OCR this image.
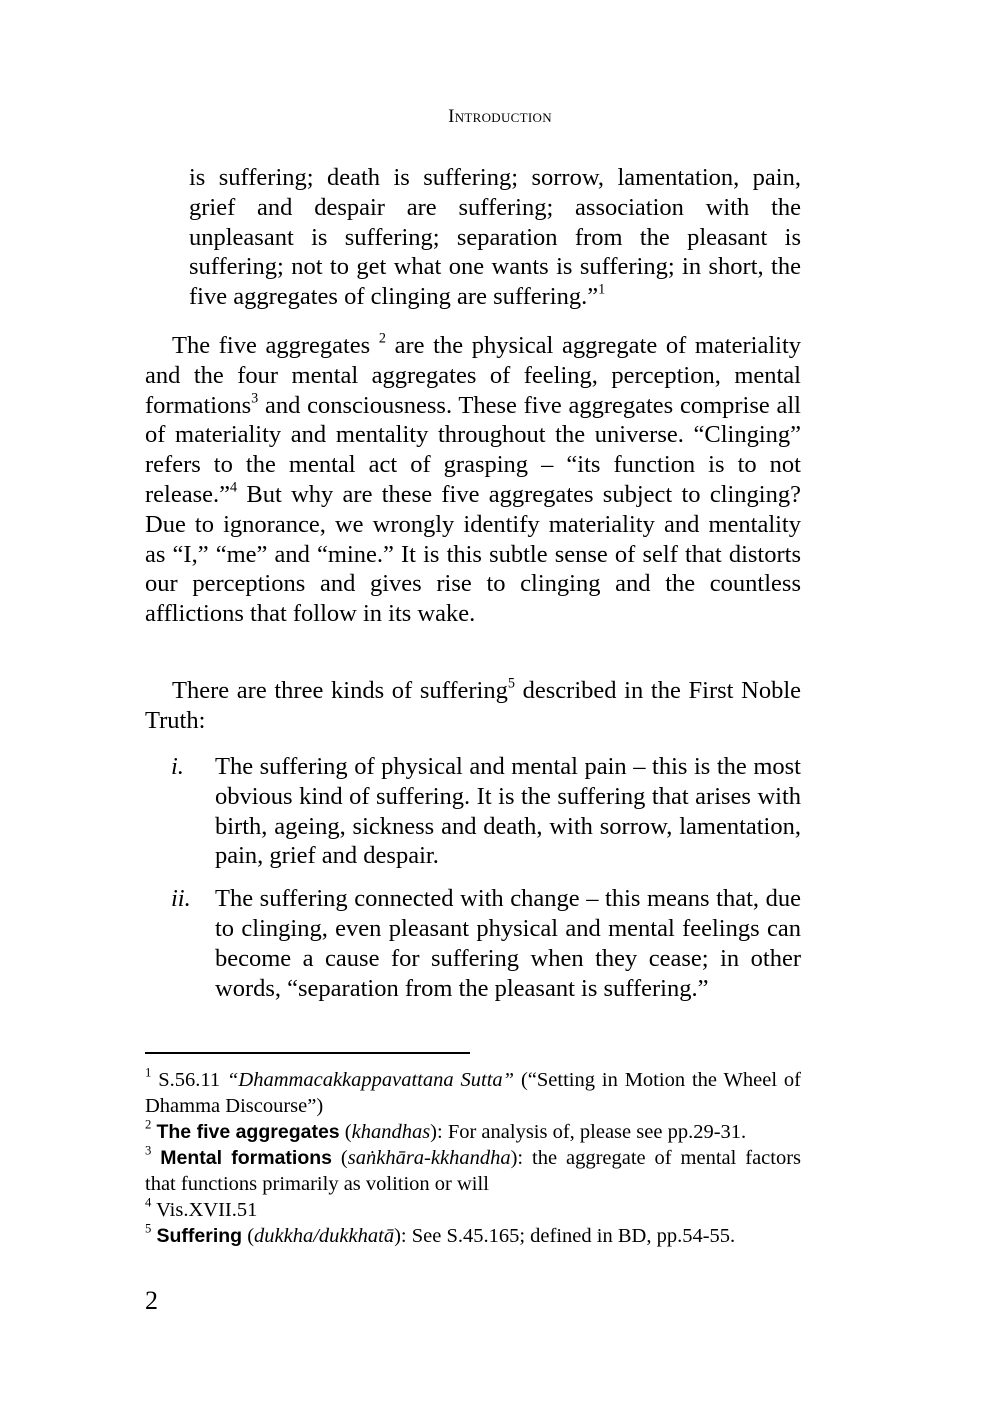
Introduction
is suffering; death is suffering; sorrow, lamentation, pain, grief and despair are suffering; association with the unpleasant is suffering; separation from the pleasant is suffering; not to get what one wants is suffering; in short, the five aggregates of clinging are suffering.”$^1$
The five aggregates $^2$ are the physical aggregate of materiality and the four mental aggregates of feeling, perception, mental formations$^3$ and consciousness. These five aggregates comprise all of materiality and mentality throughout the universe. “Clinging” refers to the mental act of grasping – “its function is to not release.”$^4$ But why are these five aggregates subject to clinging? Due to ignorance, we wrongly identify materiality and mentality as “I,” “me” and “mine.” It is this subtle sense of self that distorts our perceptions and gives rise to clinging and the countless afflictions that follow in its wake.
There are three kinds of suffering$^5$ described in the First Noble Truth:
i. The suffering of physical and mental pain – this is the most obvious kind of suffering. It is the suffering that arises with birth, ageing, sickness and death, with sorrow, lamentation, pain, grief and despair.
ii. The suffering connected with change – this means that, due to clinging, even pleasant physical and mental feelings can become a cause for suffering when they cease; in other words, “separation from the pleasant is suffering.”
$^1$ S.56.11 “Dhammacakkappavattana Sutta” (“Setting in Motion the Wheel of Dhamma Discourse”)
$^2$ The five aggregates (khandhas): For analysis of, please see pp.29-31.
$^3$ Mental formations (saṅkhāra-kkhandha): the aggregate of mental factors that functions primarily as volition or will
$^4$ Vis.XVII.51
$^5$ Suffering (dukkha/dukkhatā): See S.45.165; defined in BD, pp.54-55.
2
